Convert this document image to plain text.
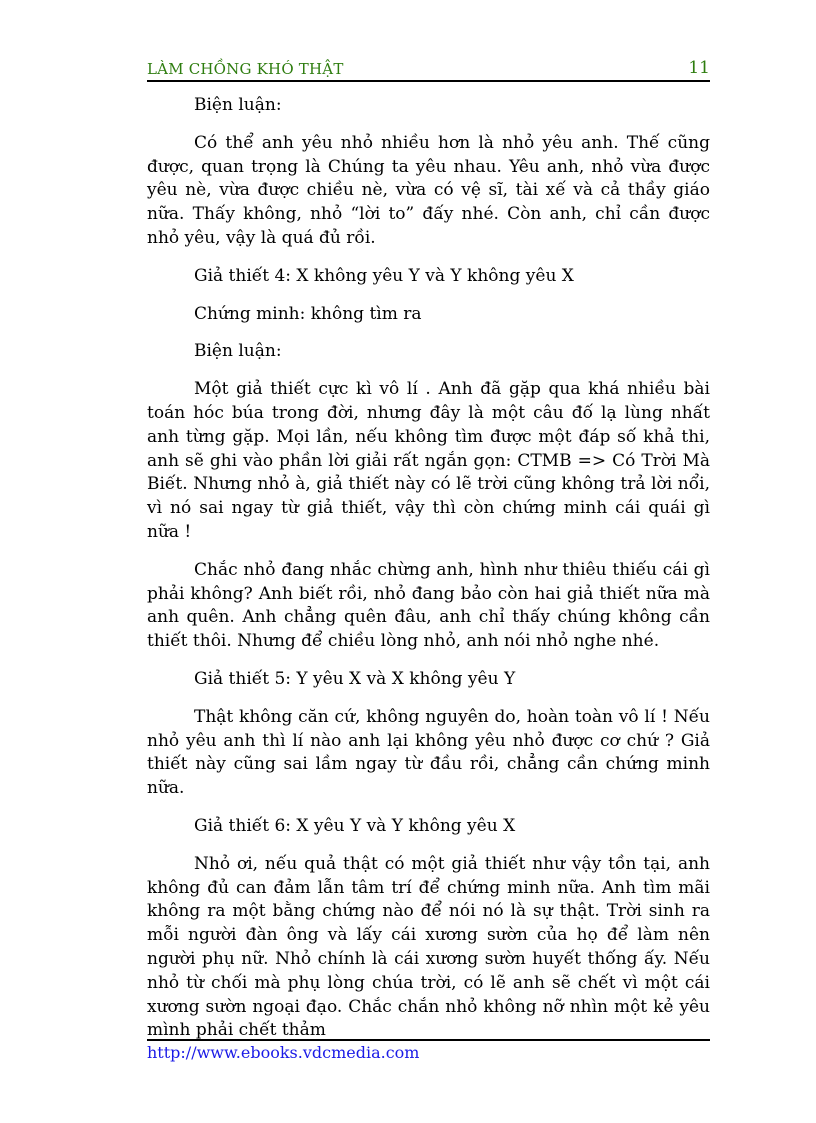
LÀM CHỒNG KHÓ THẬT	11

Biện luận:

Có thể anh yêu nhỏ nhiều hơn là nhỏ yêu anh. Thế cũng được, quan trọng là Chúng ta yêu nhau. Yêu anh, nhỏ vừa được yêu nè, vừa được chiều nè, vừa có vệ sĩ, tài xế và cả thầy giáo nữa. Thấy không, nhỏ “lời to” đấy nhé. Còn anh, chỉ cần được nhỏ yêu, vậy là quá đủ rồi.

Giả thiết 4: X không yêu Y và Y không yêu X

Chứng minh: không tìm ra

Biện luận:

Một giả thiết cực kì vô lí . Anh đã gặp qua khá nhiều bài toán hóc búa trong đời, nhưng đây là một câu đố lạ lùng nhất anh từng gặp. Mọi lần, nếu không tìm được một đáp số khả thi, anh sẽ ghi vào phần lời giải rất ngắn gọn: CTMB => Có Trời Mà Biết. Nhưng nhỏ à, giả thiết này có lẽ trời cũng không trả lời nổi, vì nó sai ngay từ giả thiết, vậy thì còn chứng minh cái quái gì nữa !

Chắc nhỏ đang nhắc chừng anh, hình như thiêu thiếu cái gì phải không? Anh biết rồi, nhỏ đang bảo còn hai giả thiết nữa mà anh quên. Anh chẳng quên đâu, anh chỉ thấy chúng không cần thiết thôi. Nhưng để chiều lòng nhỏ, anh nói nhỏ nghe nhé.

Giả thiết 5: Y yêu X và X không yêu Y

Thật không căn cứ, không nguyên do, hoàn toàn vô lí ! Nếu nhỏ yêu anh thì lí nào anh lại không yêu nhỏ được cơ chứ ? Giả thiết này cũng sai lầm ngay từ đầu rồi, chẳng cần chứng minh nữa.

Giả thiết 6: X yêu Y và Y không yêu X

Nhỏ ơi, nếu quả thật có một giả thiết như vậy tồn tại, anh không đủ can đảm lẫn tâm trí để chứng minh nữa. Anh tìm mãi không ra một bằng chứng nào để nói nó là sự thật. Trời sinh ra mỗi người đàn ông và lấy cái xương sườn của họ để làm nên người phụ nữ. Nhỏ chính là cái xương sườn huyết thống ấy. Nếu nhỏ từ chối mà phụ lòng chúa trời, có lẽ anh sẽ chết vì một cái xương sườn ngoại đạo. Chắc chắn nhỏ không nỡ nhìn một kẻ yêu mình phải chết thảm

http://www.ebooks.vdcmedia.com
